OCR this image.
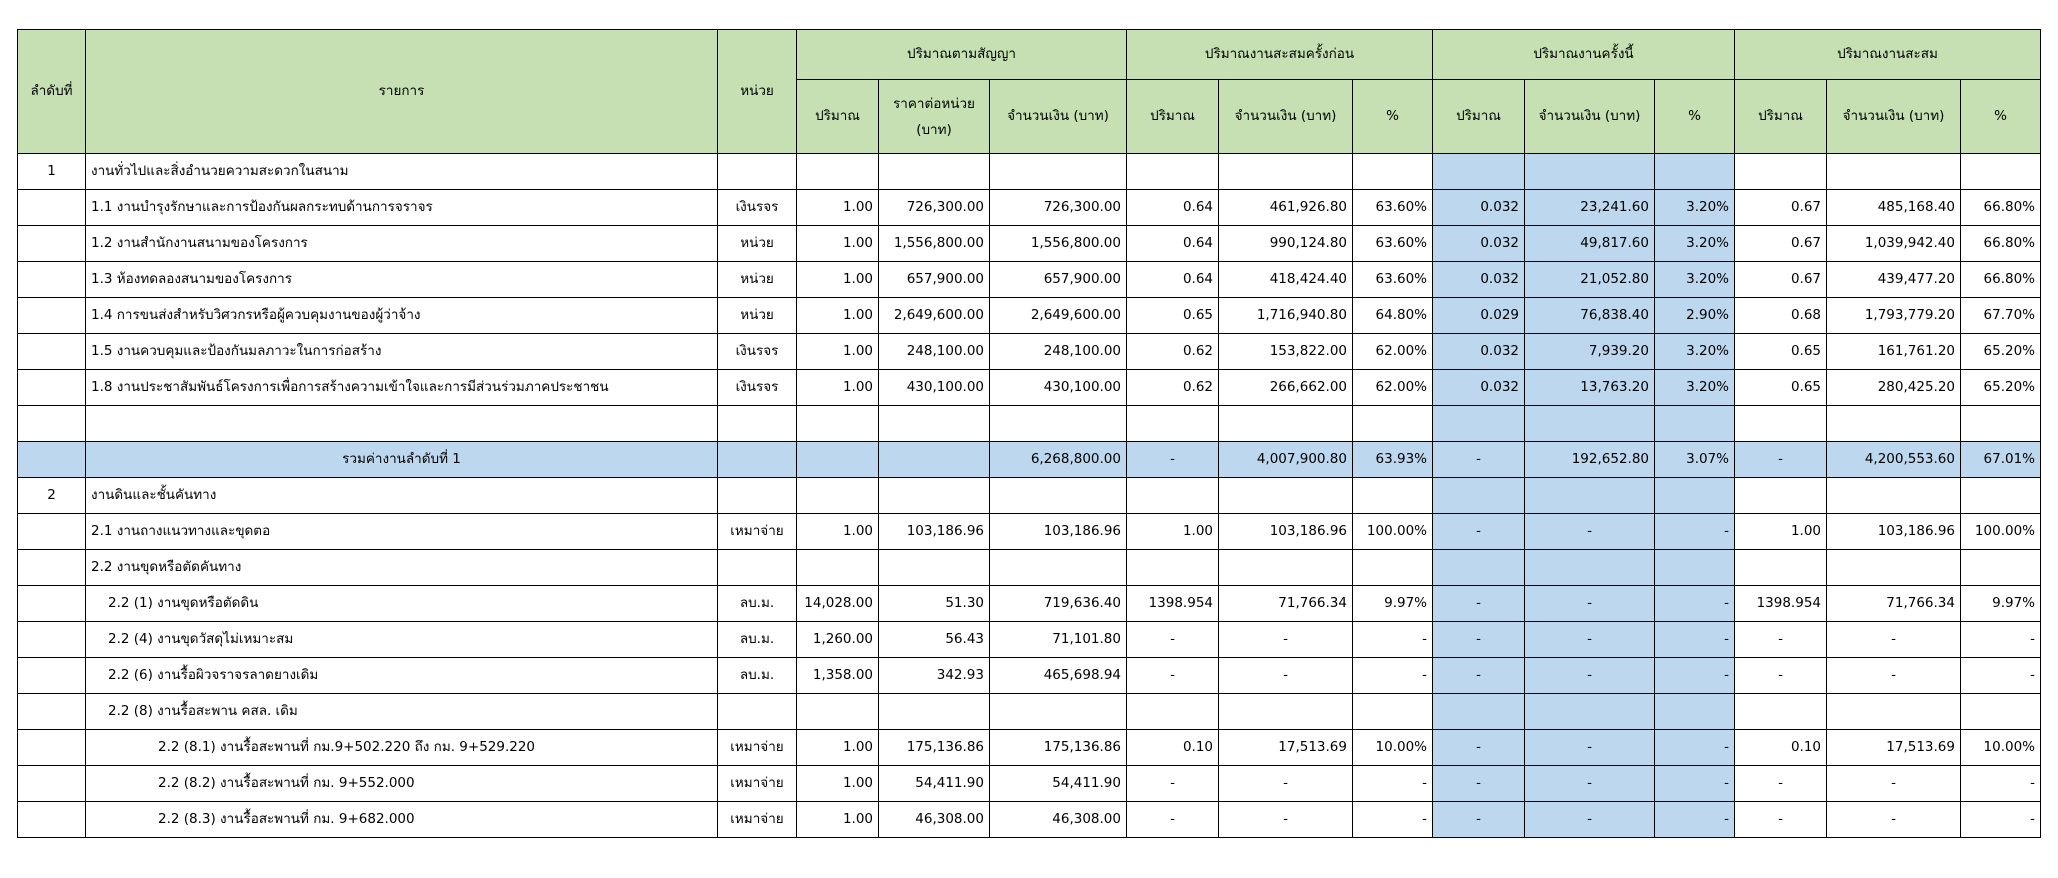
ลำดับที่	รายการ	หน่วย	ปริมาณตามสัญญา			ปริมาณงานสะสมครั้งก่อน			ปริมาณงานครั้งนี้			ปริมาณงานสะสม		
			ปริมาณ	ราคาต่อหน่วย (บาท)	จำนวนเงิน (บาท)	ปริมาณ	จำนวนเงิน (บาท)	%	ปริมาณ	จำนวนเงิน (บาท)	%	ปริมาณ	จำนวนเงิน (บาท)	%
1	งานทั่วไปและสิ่งอำนวยความสะดวกในสนาม													
	1.1 งานบำรุงรักษาและการป้องกันผลกระทบด้านการจราจร	เงินรจร	1.00	726,300.00	726,300.00	0.64	461,926.80	63.60%	0.032	23,241.60	3.20%	0.67	485,168.40	66.80%
	1.2 งานสำนักงานสนามของโครงการ	หน่วย	1.00	1,556,800.00	1,556,800.00	0.64	990,124.80	63.60%	0.032	49,817.60	3.20%	0.67	1,039,942.40	66.80%
	1.3 ห้องทดลองสนามของโครงการ	หน่วย	1.00	657,900.00	657,900.00	0.64	418,424.40	63.60%	0.032	21,052.80	3.20%	0.67	439,477.20	66.80%
	1.4 การขนส่งสำหรับวิศวกรหรือผู้ควบคุมงานของผู้ว่าจ้าง	หน่วย	1.00	2,649,600.00	2,649,600.00	0.65	1,716,940.80	64.80%	0.029	76,838.40	2.90%	0.68	1,793,779.20	67.70%
	1.5 งานควบคุมและป้องกันมลภาวะในการก่อสร้าง	เงินรจร	1.00	248,100.00	248,100.00	0.62	153,822.00	62.00%	0.032	7,939.20	3.20%	0.65	161,761.20	65.20%
	1.8 งานประชาสัมพันธ์โครงการเพื่อการสร้างความเข้าใจและการมีส่วนร่วมภาคประชาชน	เงินรจร	1.00	430,100.00	430,100.00	0.62	266,662.00	62.00%	0.032	13,763.20	3.20%	0.65	280,425.20	65.20%

	รวมค่างานลำดับที่ 1				6,268,800.00	-	4,007,900.80	63.93%	-	192,652.80	3.07%	-	4,200,553.60	67.01%
2	งานดินและชั้นคันทาง													
	2.1 งานถางแนวทางและขุดตอ	เหมาจ่าย	1.00	103,186.96	103,186.96	1.00	103,186.96	100.00%	-	-	-	1.00	103,186.96	100.00%
	2.2 งานขุดหรือตัดคันทาง													
	2.2 (1) งานขุดหรือตัดดิน	ลบ.ม.	14,028.00	51.30	719,636.40	1398.954	71,766.34	9.97%	-	-	-	1398.954	71,766.34	9.97%
	2.2 (4) งานขุดวัสดุไม่เหมาะสม	ลบ.ม.	1,260.00	56.43	71,101.80	-	-	-	-	-	-	-	-	-
	2.2 (6) งานรื้อผิวจราจรลาดยางเดิม	ลบ.ม.	1,358.00	342.93	465,698.94	-	-	-	-	-	-	-	-	-
	2.2 (8) งานรื้อสะพาน คสล. เดิม													
	2.2 (8.1) งานรื้อสะพานที่ กม.9+502.220 ถึง กม. 9+529.220	เหมาจ่าย	1.00	175,136.86	175,136.86	0.10	17,513.69	10.00%	-	-	-	0.10	17,513.69	10.00%
	2.2 (8.2) งานรื้อสะพานที่ กม. 9+552.000	เหมาจ่าย	1.00	54,411.90	54,411.90	-	-	-	-	-	-	-	-	-
	2.2 (8.3) งานรื้อสะพานที่ กม. 9+682.000	เหมาจ่าย	1.00	46,308.00	46,308.00	-	-	-	-	-	-	-	-	-
